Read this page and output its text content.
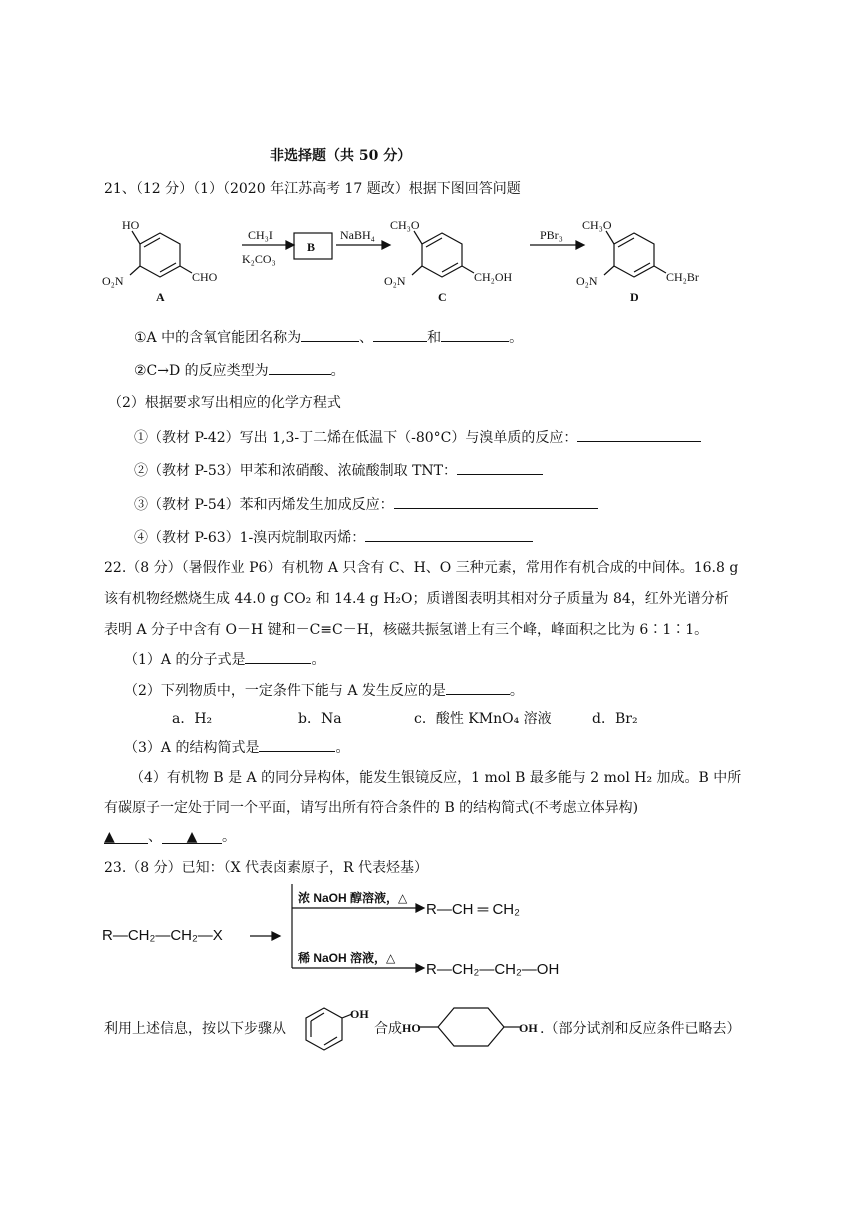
非选择题（共 50 分）
21、（12 分）（1）（2020 年江苏高考 17 题改）根据下图回答问题
HO
O₂N	CHO
A
CH₃I
K₂CO₃
B
NaBH₄
CH₃O
O₂N	CH₂OH
C
PBr₃
CH₃O
O₂N	CH₂Br
D
①A 中的含氧官能团名称为	、	和	。
②C→D 的反应类型为	。
（2）根据要求写出相应的化学方程式
①（教材 P-42）写出 1,3-丁二烯在低温下（-80°C）与溴单质的反应：
②（教材 P-53）甲苯和浓硝酸、浓硫酸制取 TNT：
③（教材 P-54）苯和丙烯发生加成反应：
④（教材 P-63）1-溴丙烷制取丙烯：
22.（8 分）（暑假作业 P6）有机物 A 只含有 C、H、O 三种元素，常用作有机合成的中间体。16.8 g
该有机物经燃烧生成 44.0 g CO₂ 和 14.4 g H₂O；质谱图表明其相对分子质量为 84，红外光谱分析
表明 A 分子中含有 O－H 键和－C≡C－H，核磁共振氢谱上有三个峰，峰面积之比为 6∶1∶1。
（1）A 的分子式是	。
（2）下列物质中，一定条件下能与 A 发生反应的是	。
a．H₂	b．Na	c．酸性 KMnO₄ 溶液	d．Br₂
（3）A 的结构简式是	。
（4）有机物 B 是 A 的同分异构体，能发生银镜反应，1 mol B 最多能与 2 mol H₂ 加成。B 中所
有碳原子一定处于同一个平面，请写出所有符合条件的 B 的结构简式(不考虑立体异构)
▲ 、 ▲ 。
23.（8 分）已知：（X 代表卤素原子，R 代表烃基）
R—CH₂—CH₂—X
浓 NaOH 醇溶液，△
R—CH ═ CH₂
稀 NaOH 溶液，△
R—CH₂—CH₂—OH
利用上述信息，按以下步骤从
OH
合成 HO	OH .（部分试剂和反应条件已略去）
